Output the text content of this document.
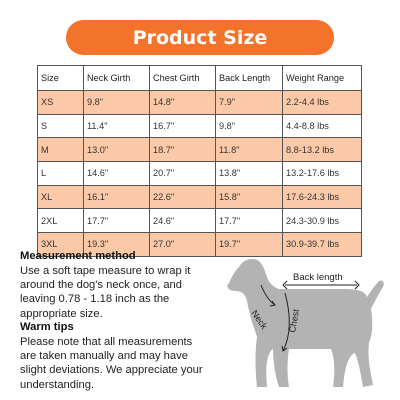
Product Size
Size	Neck Girth	Chest Girth	Back Length	Weight Range
XS	9.8"	14.8"	7.9"	2.2-4.4 lbs
S	11.4"	16.7"	9.8"	4.4-8.8 lbs
M	13.0"	18.7"	11.8"	8.8-13.2 lbs
L	14.6"	20.7"	13.8"	13.2-17.6 lbs
XL	16.1"	22.6"	15.8"	17.6-24.3 lbs
2XL	17.7"	24.6"	17.7"	24.3-30.9 lbs
3XL	19.3"	27.0"	19.7"	30.9-39.7 lbs
Measurement method
Use a soft tape measure to wrap it
around the dog's neck once, and
leaving 0.78 - 1.18 inch as the
appropriate size.
Warm tips
Please note that all measurements
are taken manually and may have
slight deviations. We appreciate your
understanding.
Back length
Neck Chest
